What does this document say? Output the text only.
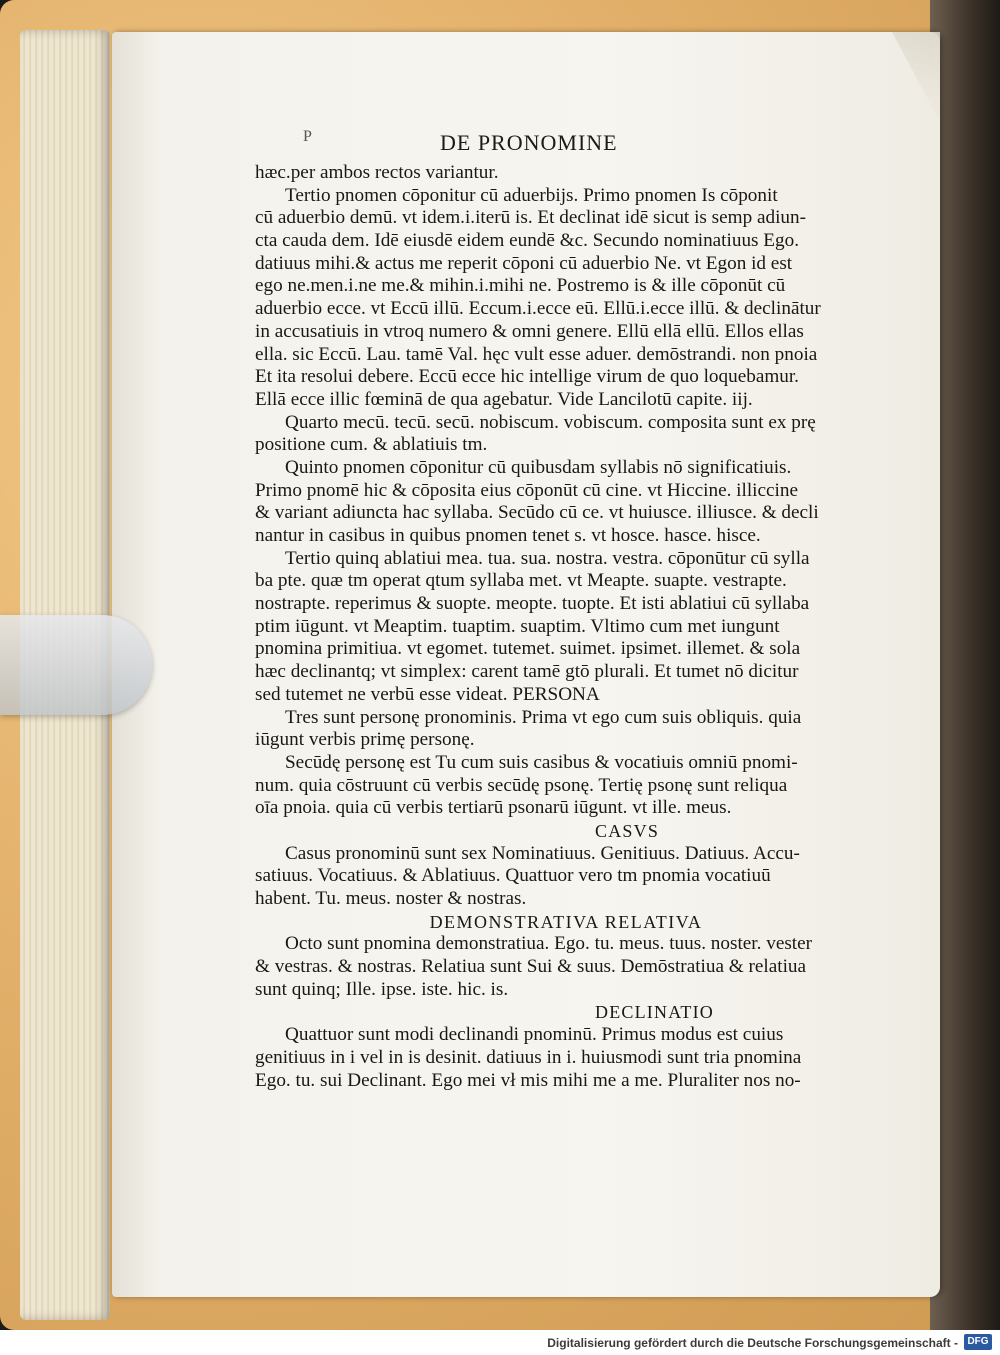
P	DE PRONOMINE
hæc.per ambos rectos variantur.
Tertio pnomen cōponitur cū aduerbijs. Primo pnomen Is cōponit
cū aduerbio demū. vt idem.i.iterū is. Et declinat idē sicut is semp adiun-
cta cauda dem. Idē eiusdē eidem eundē &c. Secundo nominatiuus Ego.
datiuus mihi.& actus me reperit cōponi cū aduerbio Ne. vt Egon id est
ego ne.men.i.ne me.& mihin.i.mihi ne. Postremo is & ille cōponūt cū
aduerbio ecce. vt Eccū illū. Eccum.i.ecce eū. Ellū.i.ecce illū. & declinātur
in accusatiuis in vtroq numero & omni genere. Ellū ellā ellū. Ellos ellas
ella. sic Eccū. Lau. tamē Val. hęc vult esse aduer. demōstrandi. non pnoia
Et ita resolui debere. Eccū ecce hic intellige virum de quo loquebamur.
Ellā ecce illic fœminā de qua agebatur. Vide Lancilotū capite. iij.
Quarto mecū. tecū. secū. nobiscum. vobiscum. composita sunt ex prę
positione cum. & ablatiuis tm.
Quinto pnomen cōponitur cū quibusdam syllabis nō significatiuis.
Primo pnomē hic & cōposita eius cōponūt cū cine. vt Hiccine. illiccine
& variant adiuncta hac syllaba. Secūdo cū ce. vt huiusce. illiusce. & decli
nantur in casibus in quibus pnomen tenet s. vt hosce. hasce. hisce.
Tertio quinq ablatiui mea. tua. sua. nostra. vestra. cōponūtur cū sylla
ba pte. quæ tm operat qtum syllaba met. vt Meapte. suapte. vestrapte.
nostrapte. reperimus & suopte. meopte. tuopte. Et isti ablatiui cū syllaba
ptim iūgunt. vt Meaptim. tuaptim. suaptim. Vltimo cum met iungunt
pnomina primitiua. vt egomet. tutemet. suimet. ipsimet. illemet. & sola
hæc declinantq; vt simplex: carent tamē gtō plurali. Et tumet nō dicitur
sed tutemet ne verbū esse videat. PERSONA
Tres sunt personę pronominis. Prima vt ego cum suis obliquis. quia
iūgunt verbis primę personę.
Secūdę personę est Tu cum suis casibus & vocatiuis omniū pnomi-
num. quia cōstruunt cū verbis secūdę psonę. Tertię psonę sunt reliqua
oīa pnoia. quia cū verbis tertiarū psonarū iūgunt. vt ille. meus.
CASVS
Casus pronominū sunt sex Nominatiuus. Genitiuus. Datiuus. Accu-
satiuus. Vocatiuus. & Ablatiuus. Quattuor vero tm pnomia vocatiuū
habent. Tu. meus. noster & nostras.
DEMONSTRATIVA RELATIVA
Octo sunt pnomina demonstratiua. Ego. tu. meus. tuus. noster. vester
& vestras. & nostras. Relatiua sunt Sui & suus. Demōstratiua & relatiua
sunt quinq; Ille. ipse. iste. hic. is.
DECLINATIO
Quattuor sunt modi declinandi pnominū. Primus modus est cuius
genitiuus in i vel in is desinit. datiuus in i. huiusmodi sunt tria pnomina
Ego. tu. sui Declinant. Ego mei vł mis mihi me a me. Pluraliter nos no-
Digitalisierung gefördert durch die Deutsche Forschungsgemeinschaft - DFG
